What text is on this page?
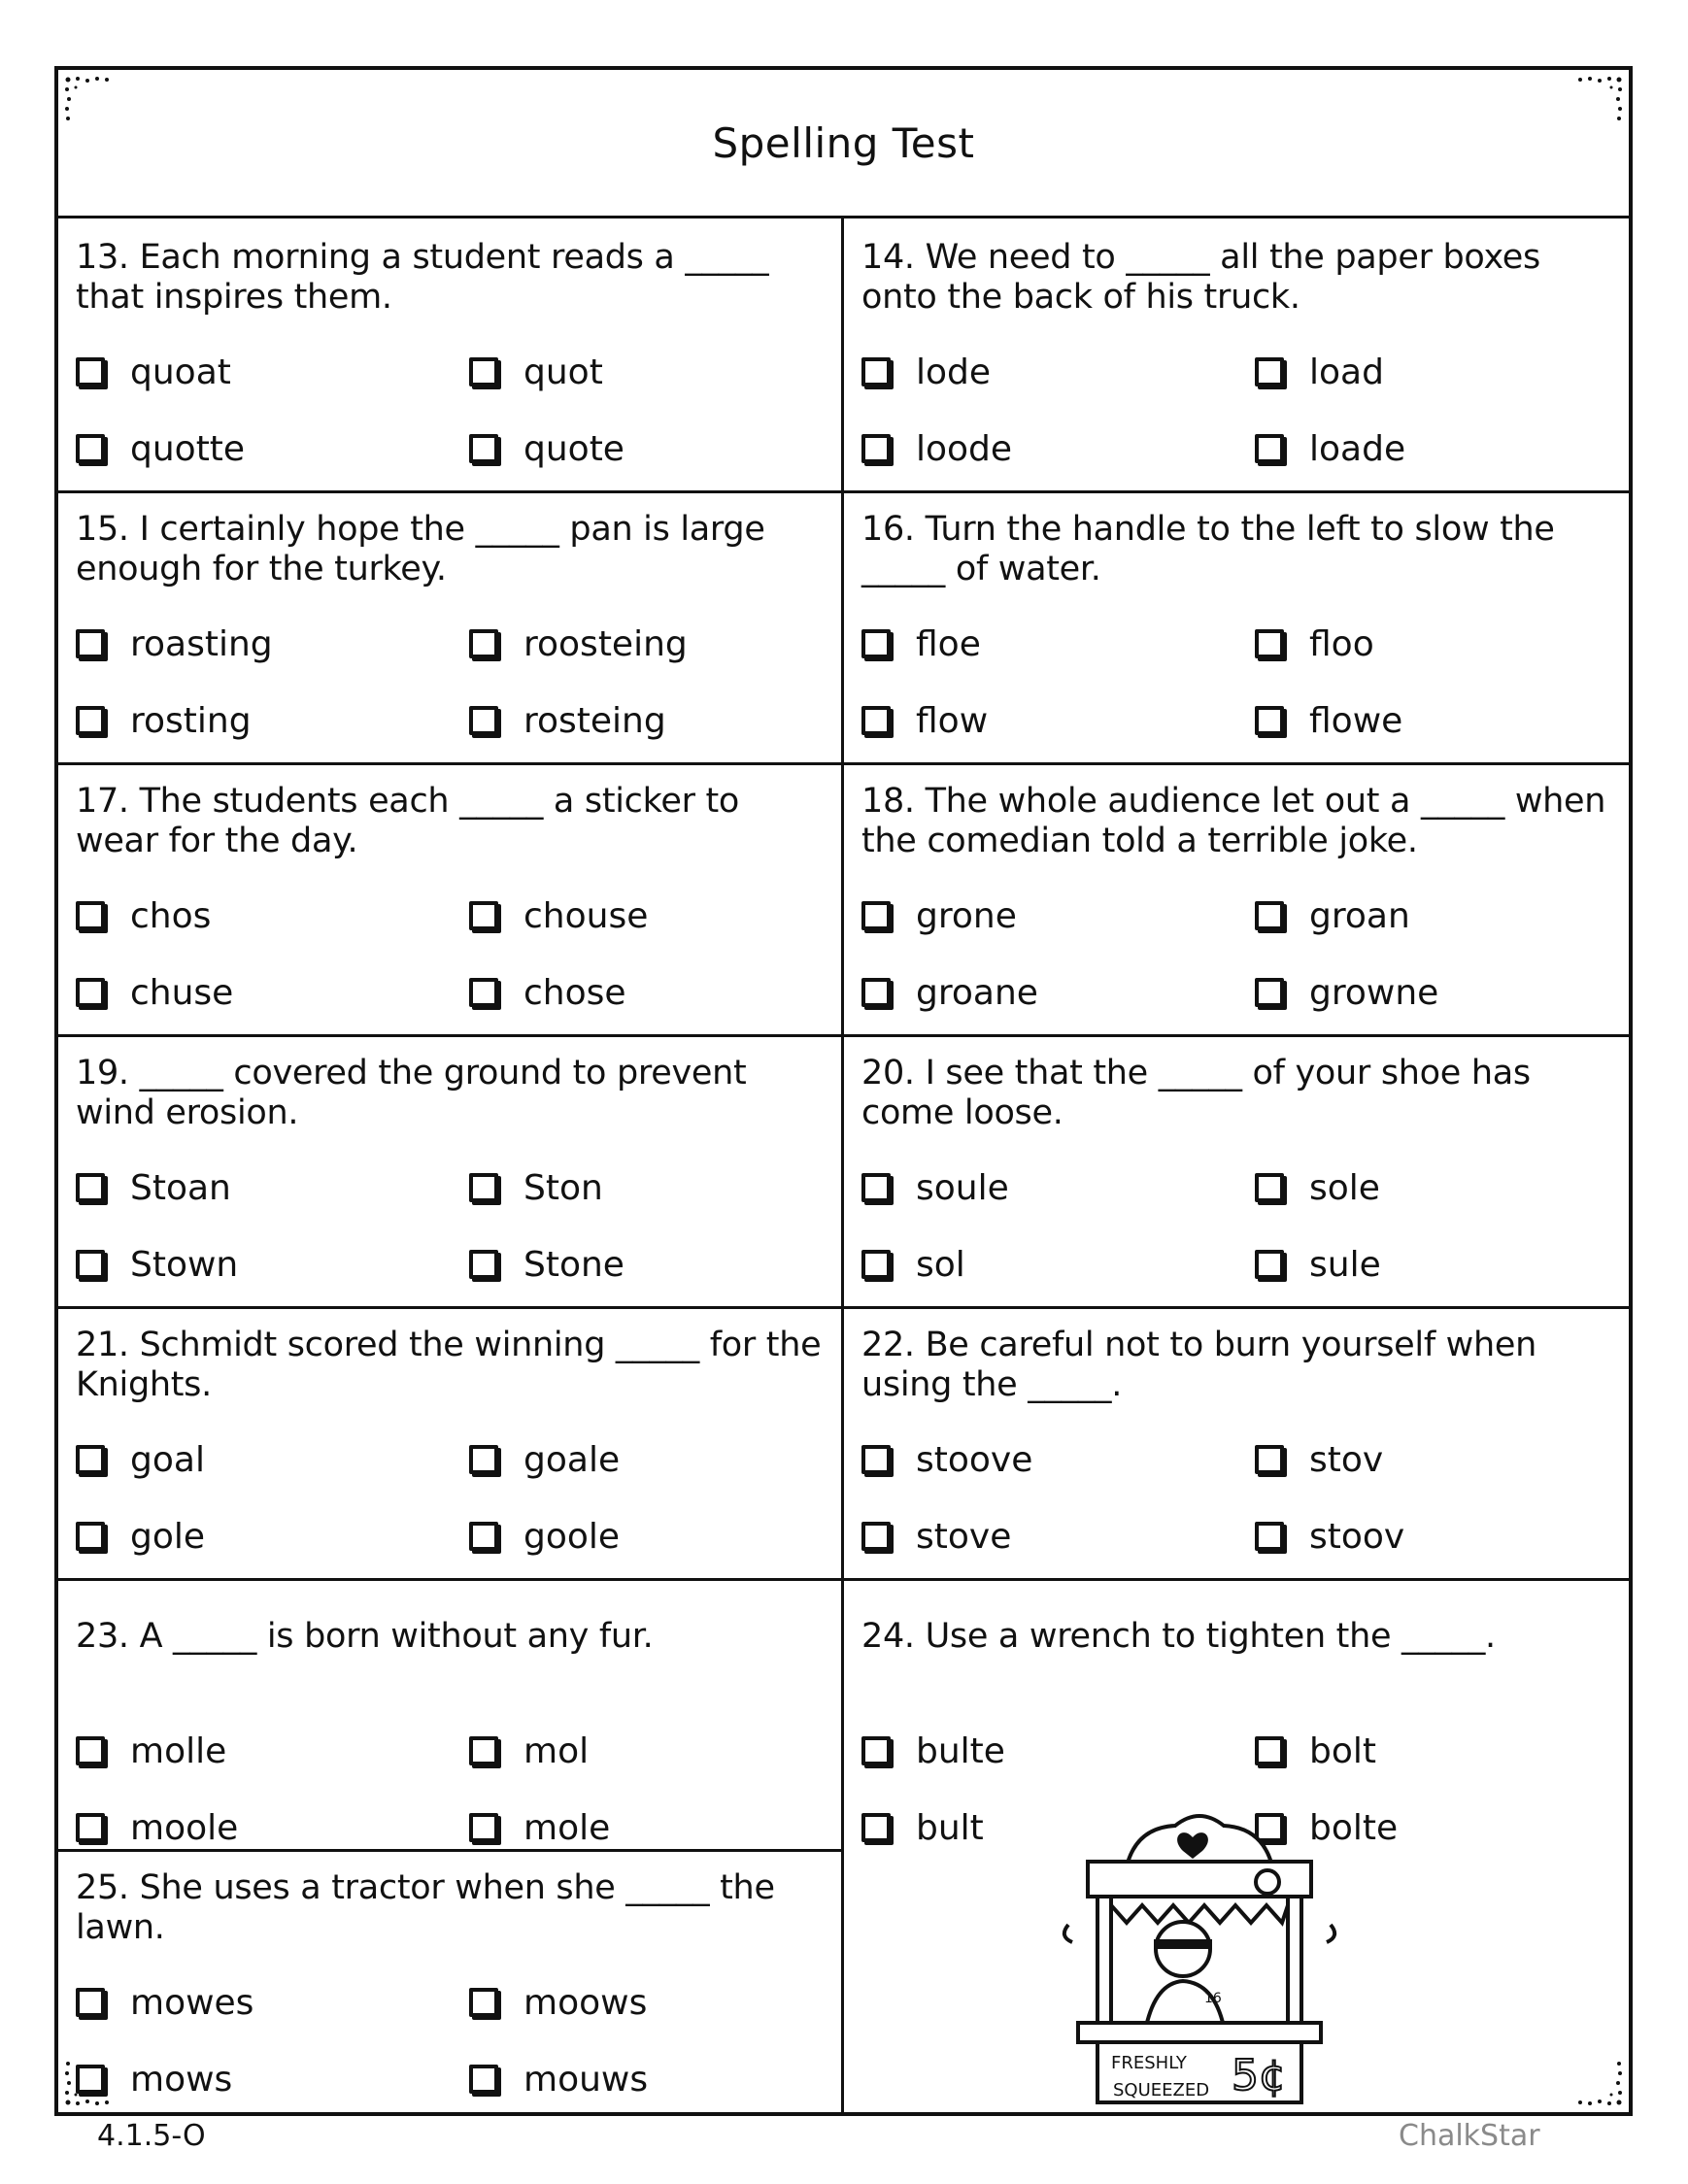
Spelling Test

13. Each morning a student reads a _____ that inspires them.

quoat	quot
quotte	quote

14. We need to _____ all the paper boxes onto the back of his truck.

lode	load
loode	loade

15. I certainly hope the _____ pan is large enough for the turkey.

roasting	roosteing
rosting	rosteing

16. Turn the handle to the left to slow the _____ of water.

floe	floo
flow	flowe

17. The students each _____ a sticker to wear for the day.

chos	chouse
chuse	chose

18. The whole audience let out a _____ when the comedian told a terrible joke.

grone	groan
groane	growne

19. _____ covered the ground to prevent wind erosion.

Stoan	Ston
Stown	Stone

20. I see that the _____ of your shoe has come loose.

soule	sole
sol	sule

21. Schmidt scored the winning _____ for the Knights.

goal	goale
gole	goole

22. Be careful not to burn yourself when using the _____.

stoove	stov
stove	stoov

23. A _____ is born without any fur.

molle	mol
moole	mole

24. Use a wrench to tighten the _____.

bulte	bolt
bult	bolte

25. She uses a tractor when she _____ the lawn.

mowes	moows
mows	mouws
16
FRESHLY
SQUEEZED 5¢
4.1.5-O	ChalkStar
